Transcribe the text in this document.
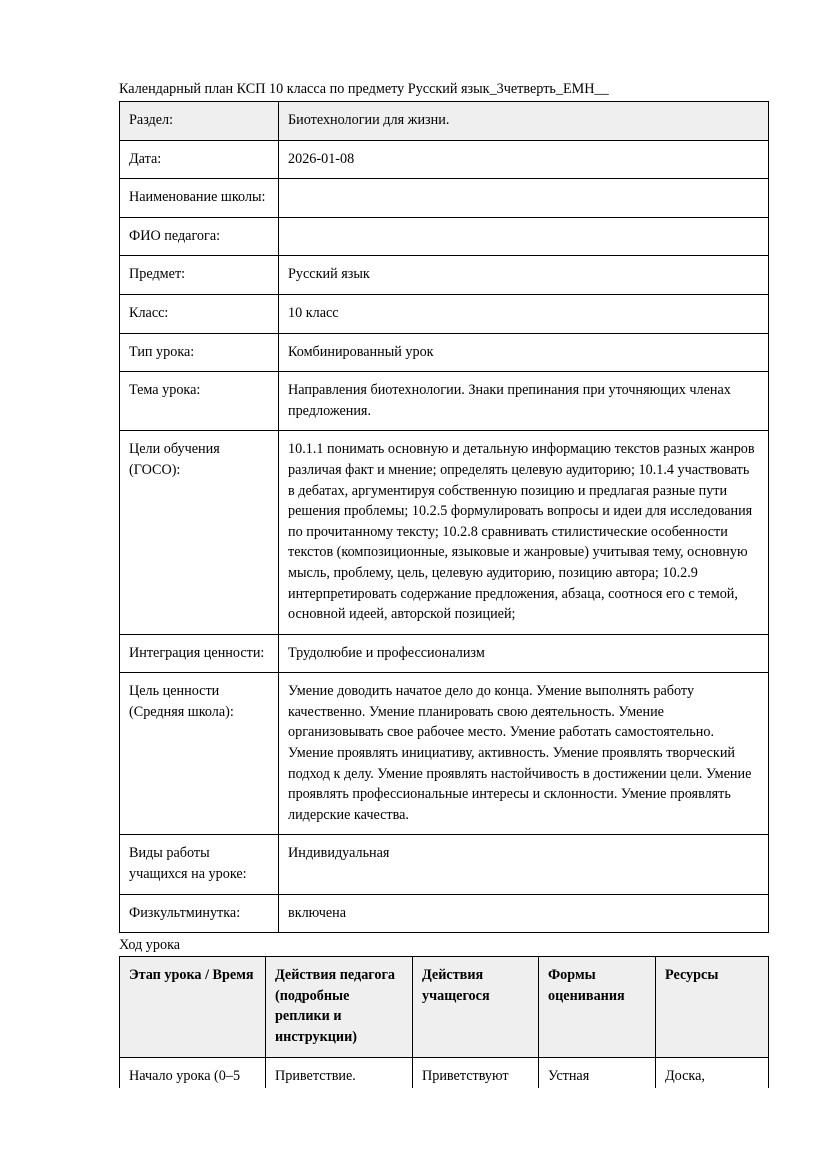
Календарный план КСП 10 класса по предмету Русский язык_3четверть_ЕМН__
Раздел:	Биотехнологии для жизни.
Дата:	2026-01-08
Наименование школы:	
ФИО педагога:	
Предмет:	Русский язык
Класс:	10 класс
Тип урока:	Комбинированный урок
Тема урока:	Направления биотехнологии. Знаки препинания при уточняющих членах предложения.
Цели обучения (ГОСО):	10.1.1 понимать основную и детальную информацию текстов разных жанров различая факт и мнение; определять целевую аудиторию; 10.1.4 участвовать в дебатах, аргументируя собственную позицию и предлагая разные пути решения проблемы; 10.2.5 формулировать вопросы и идеи для исследования по прочитанному тексту; 10.2.8 сравнивать стилистические особенности текстов (композиционные, языковые и жанровые) учитывая тему, основную мысль, проблему, цель, целевую аудиторию, позицию автора; 10.2.9 интерпретировать содержание предложения, абзаца, соотнося его с темой, основной идеей, авторской позицией;
Интеграция ценности:	Трудолюбие и профессионализм
Цель ценности (Средняя школа):	Умение доводить начатое дело до конца. Умение выполнять работу качественно. Умение планировать свою деятельность. Умение организовывать свое рабочее место. Умение работать самостоятельно. Умение проявлять инициативу, активность. Умение проявлять творческий подход к делу. Умение проявлять настойчивость в достижении цели. Умение проявлять профессиональные интересы и склонности. Умение проявлять лидерские качества.
Виды работы учащихся на уроке:	Индивидуальная
Физкультминутка:	включена
Ход урока
Этап урока / Время	Действия педагога (подробные реплики и инструкции)	Действия учащегося	Формы оценивания	Ресурсы
Начало урока (0–5	Приветствие.	Приветствуют	Устная	Доска,
